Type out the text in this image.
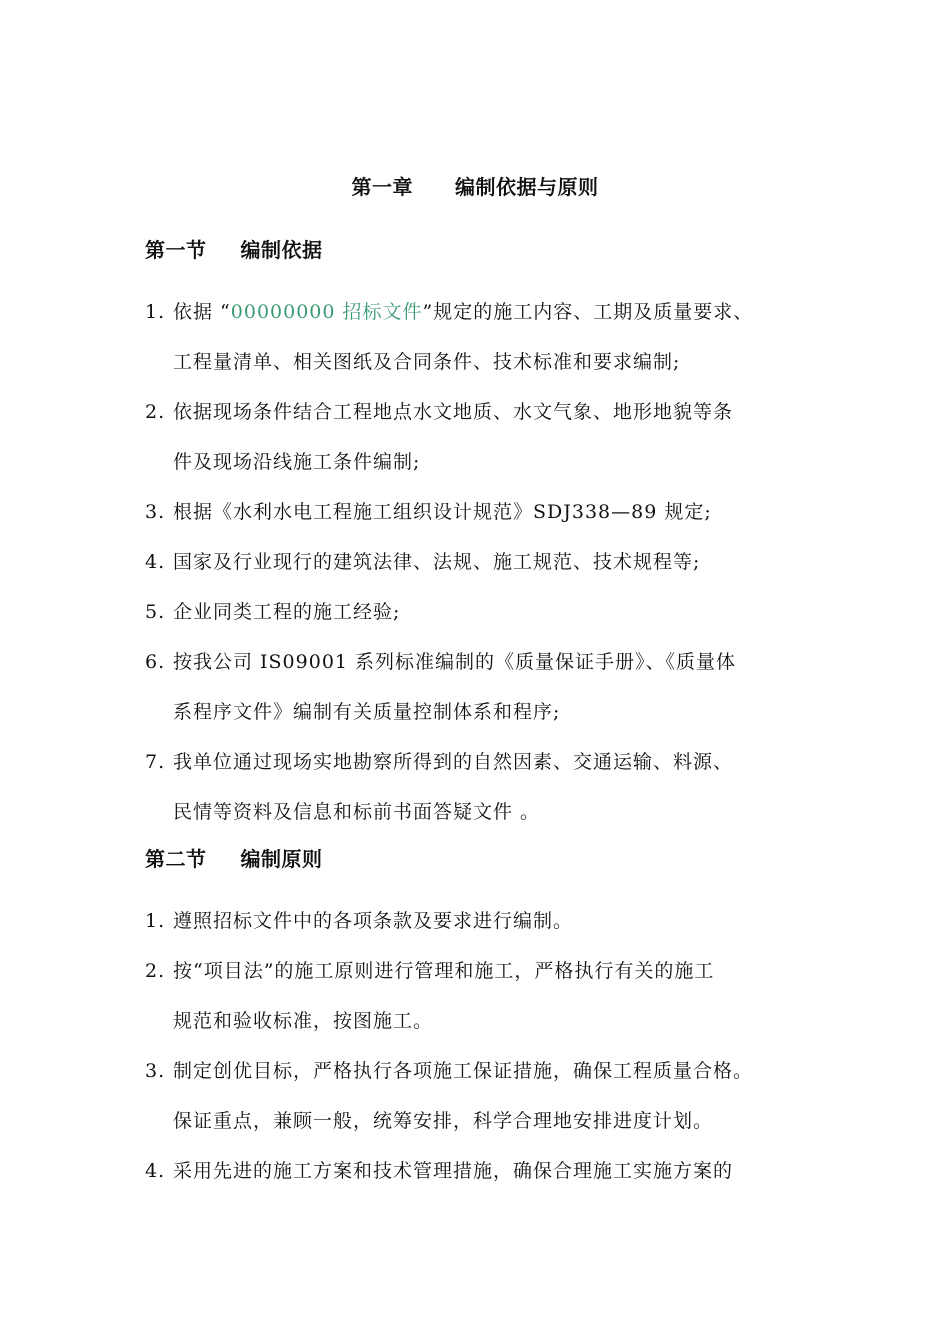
第一章 编制依据与原则
第一节 编制依据
1. 依据 “00000000 招标文件”规定的施工内容、工期及质量要求、
工程量清单、相关图纸及合同条件、技术标准和要求编制;
2. 依据现场条件结合工程地点水文地质、水文气象、地形地貌等条
件及现场沿线施工条件编制;
3. 根据《水利水电工程施工组织设计规范》SDJ338—89 规定;
4. 国家及行业现行的建筑法律、法规、施工规范、技术规程等;
5. 企业同类工程的施工经验;
6. 按我公司 IS09001 系列标准编制的《质量保证手册》、《质量体
系程序文件》编制有关质量控制体系和程序;
7. 我单位通过现场实地勘察所得到的自然因素、交通运输、料源、
民情等资料及信息和标前书面答疑文件 。
第二节 编制原则
1. 遵照招标文件中的各项条款及要求进行编制。
2. 按“项目法”的施工原则进行管理和施工，严格执行有关的施工
规范和验收标准，按图施工。
3. 制定创优目标，严格执行各项施工保证措施，确保工程质量合格。
保证重点，兼顾一般，统筹安排，科学合理地安排进度计划。
4. 采用先进的施工方案和技术管理措施，确保合理施工实施方案的
